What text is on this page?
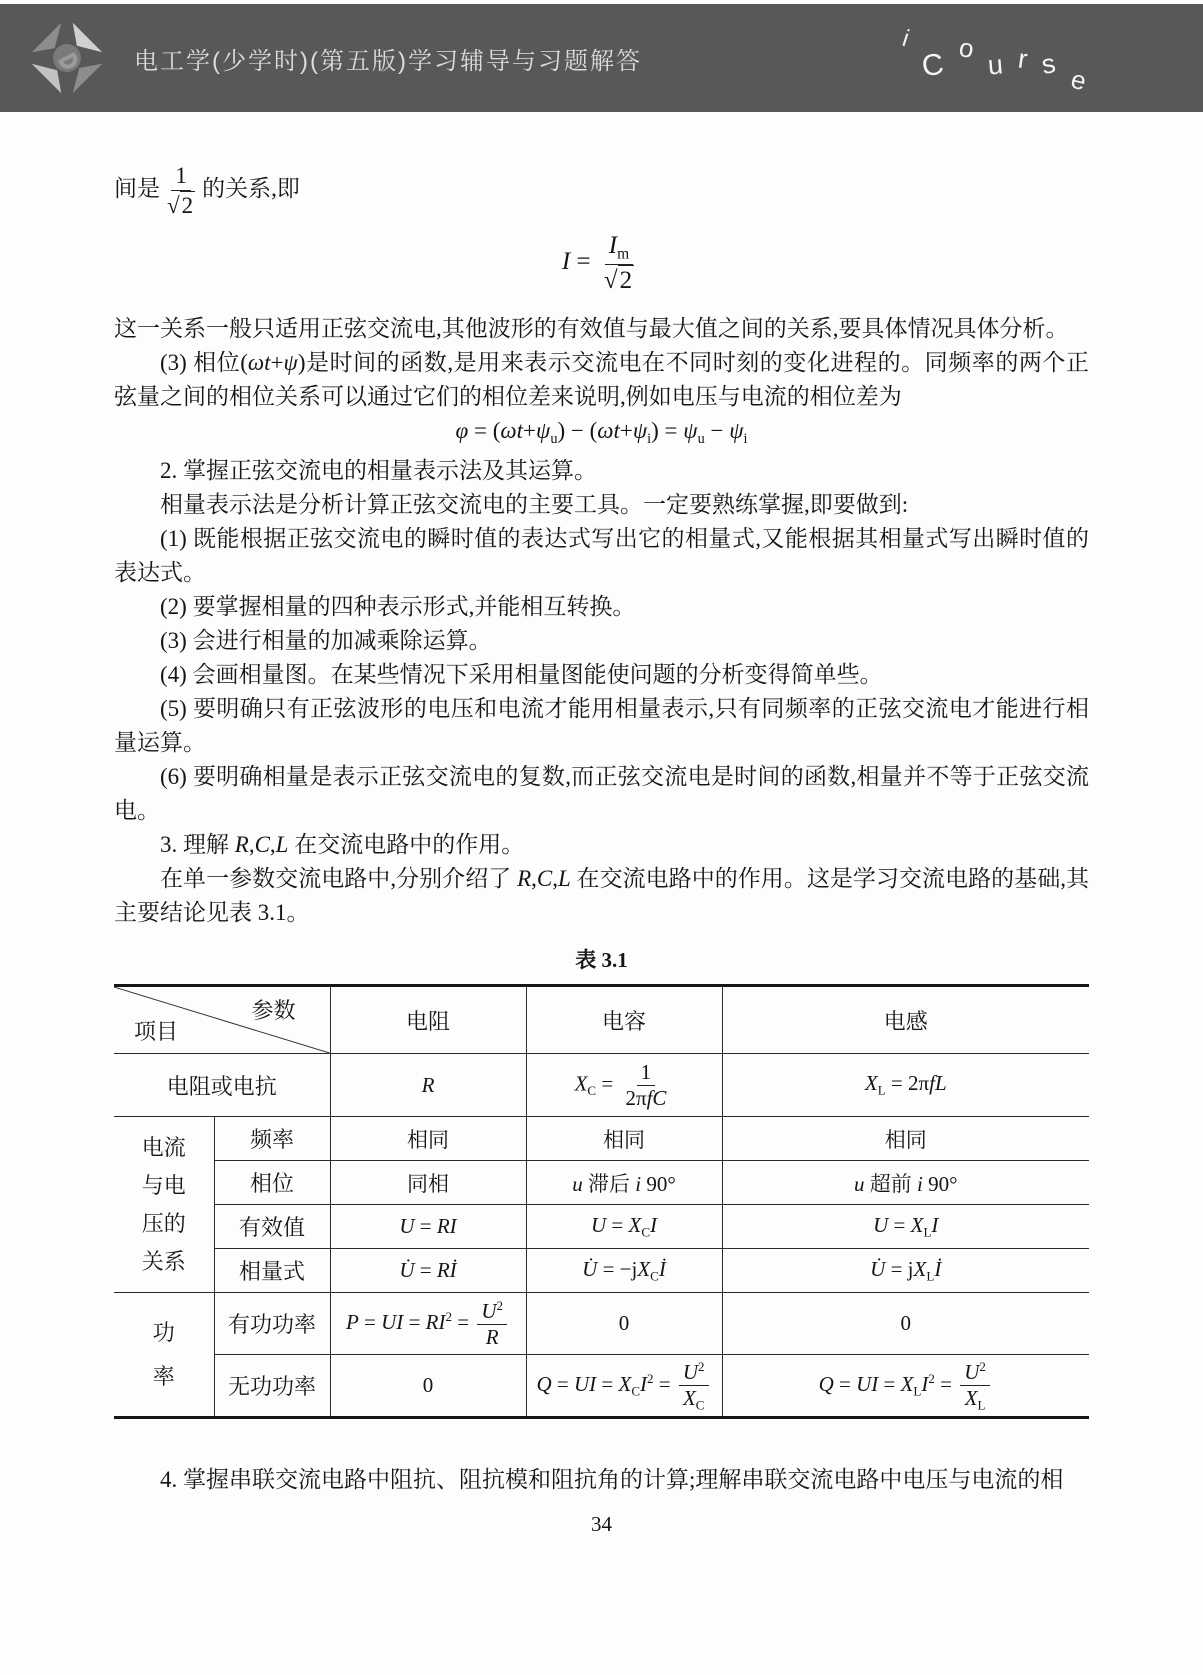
电工学(少学时)(第五版)学习辅导与习题解答
i
C o
u r s e

间是 $\frac{1}{√ 2}$ 的关系,即

$I = \frac{I_m}{√ 2}$

这一关系一般只适用正弦交流电,其他波形的有效值与最大值之间的关系,要具体情况具体分析。

(3) 相位(ωt+ψ)是时间的函数,是用来表示交流电在不同时刻的变化进程的。同频率的两个正弦量之间的相位关系可以通过它们的相位差来说明,例如电压与电流的相位差为

$\varphi = (\omega t+\psi_u) - (\omega t+\psi_i) = \psi_u - \psi_i$

2. 掌握正弦交流电的相量表示法及其运算。

相量表示法是分析计算正弦交流电的主要工具。一定要熟练掌握,即要做到:

(1) 既能根据正弦交流电的瞬时值的表达式写出它的相量式,又能根据其相量式写出瞬时值的表达式。

(2) 要掌握相量的四种表示形式,并能相互转换。

(3) 会进行相量的加减乘除运算。

(4) 会画相量图。在某些情况下采用相量图能使问题的分析变得简单些。

(5) 要明确只有正弦波形的电压和电流才能用相量表示,只有同频率的正弦交流电才能进行相量运算。

(6) 要明确相量是表示正弦交流电的复数,而正弦交流电是时间的函数,相量并不等于正弦交流电。

3. 理解 R,C,L 在交流电路中的作用。

在单一参数交流电路中,分别介绍了 R,C,L 在交流电路中的作用。这是学习交流电路的基础,其主要结论见表 3.1。

表 3.1
参数
项目		电阻	电容	电感
电阻或电抗		R	$X_C = \frac{1}{\text{2πfC}}$	$X_L = 2\pi fL$
电流与电压的关系	频率	相同	相同	相同
	相位	同相	u 滞后 i 90°	u 超前 i 90°
	有效值	U = RI	$U = X_CI$	$U = X_LI$
	相量式	U̇ = Rİ	U̇ = $-jX_Cİ$	U̇ = $jX_Lİ$
功率	有功功率	P = UI = $RI^2 = \frac{U^2}{R}$	0	0
	无功功率	0	Q = UI = $X_CI^2 = \frac{U^2}{X_C}$	Q = UI = $X_LI^2 = \frac{U^2}{X_L}$

4. 掌握串联交流电路中阻抗、阻抗模和阻抗角的计算;理解串联交流电路中电压与电流的相

34
